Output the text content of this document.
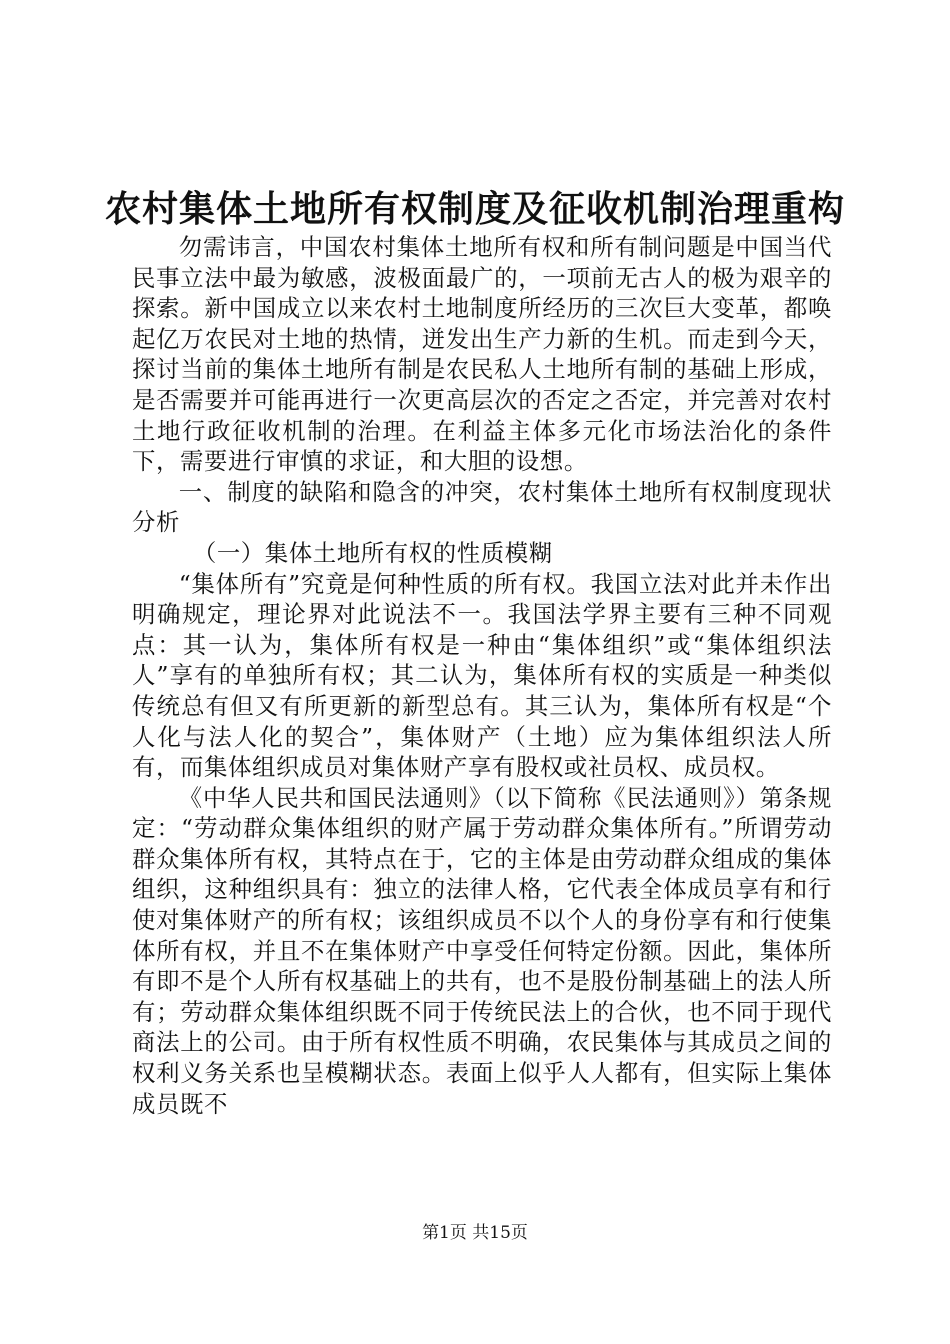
农村集体土地所有权制度及征收机制治理重构

勿需讳言，中国农村集体土地所有权和所有制问题是中国当代民事立法中最为敏感，波极面最广的，一项前无古人的极为艰辛的探索。新中国成立以来农村土地制度所经历的三次巨大变革，都唤起亿万农民对土地的热情，迸发出生产力新的生机。而走到今天，探讨当前的集体土地所有制是农民私人土地所有制的基础上形成，是否需要并可能再进行一次更高层次的否定之否定，并完善对农村土地行政征收机制的治理。在利益主体多元化市场法治化的条件下，需要进行审慎的求证，和大胆的设想。

一、制度的缺陷和隐含的冲突，农村集体土地所有权制度现状分析

（一）集体土地所有权的性质模糊

“集体所有”究竟是何种性质的所有权。我国立法对此并未作出明确规定，理论界对此说法不一。我国法学界主要有三种不同观点：其一认为，集体所有权是一种由“集体组织”或“集体组织法人”享有的单独所有权；其二认为，集体所有权的实质是一种类似传统总有但又有所更新的新型总有。其三认为，集体所有权是“个人化与法人化的契合”，集体财产（土地）应为集体组织法人所有，而集体组织成员对集体财产享有股权或社员权、成员权。

《中华人民共和国民法通则》（以下简称《民法通则》）第条规定：“劳动群众集体组织的财产属于劳动群众集体所有。”所谓劳动群众集体所有权，其特点在于，它的主体是由劳动群众组成的集体组织，这种组织具有：独立的法律人格，它代表全体成员享有和行使对集体财产的所有权；该组织成员不以个人的身份享有和行使集体所有权，并且不在集体财产中享受任何特定份额。因此，集体所有即不是个人所有权基础上的共有，也不是股份制基础上的法人所有；劳动群众集体组织既不同于传统民法上的合伙，也不同于现代商法上的公司。由于所有权性质不明确，农民集体与其成员之间的权利义务关系也呈模糊状态。表面上似乎人人都有，但实际上集体成员既不

第1页 共15页
